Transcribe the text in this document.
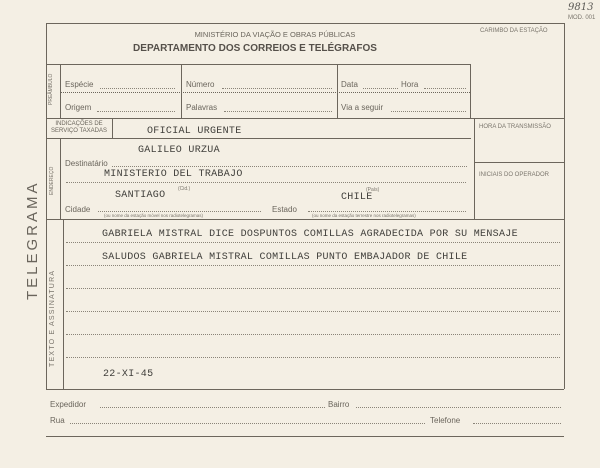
9813
MOD. 001
TELEGRAMA
MINISTÉRIO DA VIAÇÃO E OBRAS PÚBLICAS
DEPARTAMENTO DOS CORREIOS E TELÉGRAFOS
CARIMBO DA ESTAÇÃO
PREÂMBULO Espécie	Número	Data	Hora
Origem	Palavras	Via a seguir
INDICAÇÕES DE SERVIÇO TAXADAS	OFICIAL URGENTE	HORA DA TRANSMISSÃO
INICIAIS DO OPERADOR
ENDEREÇO
GALILEO URZUA
Destinatário
MINISTERIO DEL TRABAJO
SANTIAGO
(Cid.)
CHILE
(País)
Cidade	Estado
(ou nome da estação móvel nos radiotelegramas)	(ou nome da estação terrestre nos radiotelegramas)
TEXTO E ASSINATURA
GABRIELA MISTRAL DICE DOSPUNTOS COMILLAS AGRADECIDA POR SU MENSAJE
SALUDOS GABRIELA MISTRAL COMILLAS PUNTO EMBAJADOR DE CHILE
22-XI-45
Expedidor	Bairro
Rua	Telefone
